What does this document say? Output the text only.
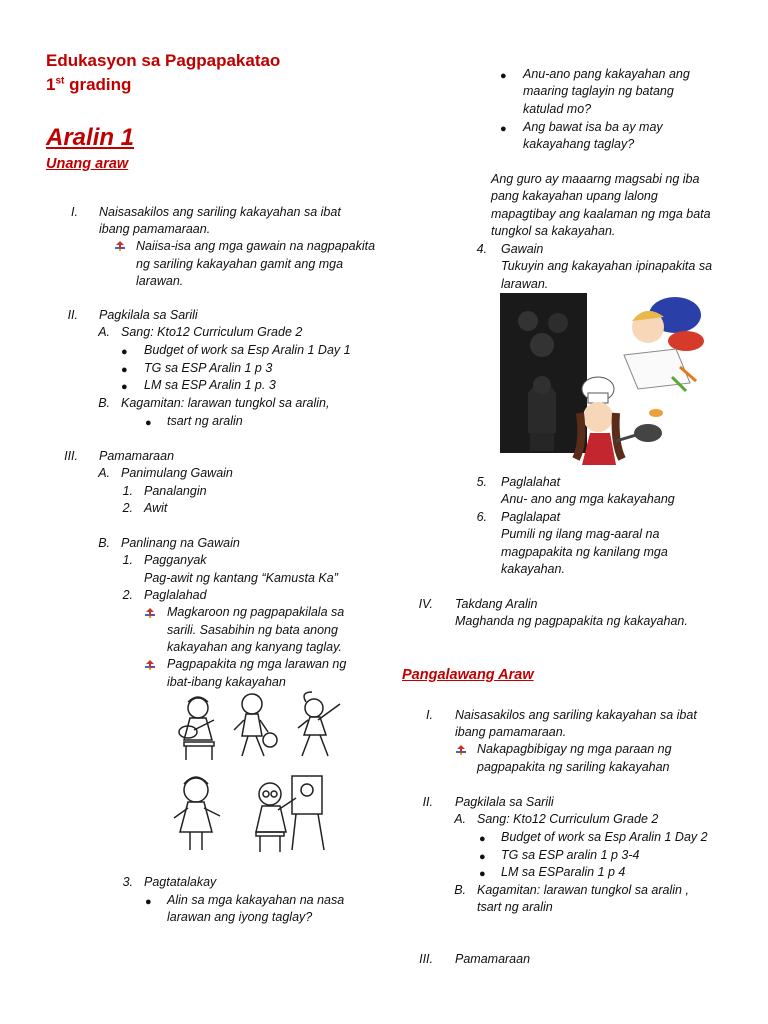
Edukasyon sa Pagpapakatao
1st grading
Aralin 1
Unang araw
I. Naisasakilos ang sariling kakayahan sa ibat
ibang pamamaraan.
Naiisa-isa ang mga gawain na nagpapakita
ng sariling kakayahan gamit ang mga
larawan.
II. Pagkilala sa Sarili
A. Sang: Kto12 Curriculum Grade 2
● Budget of work sa Esp Aralin 1 Day 1
● TG sa ESP Aralin 1 p 3
● LM sa ESP Aralin 1 p. 3
B. Kagamitan: larawan tungkol sa aralin,
● tsart ng aralin
III. Pamamaraan
A. Panimulang Gawain
1. Panalangin
2. Awit
B. Panlinang na Gawain
1. Pagganyak
Pag-awit ng kantang “Kamusta Ka”
2. Paglalahad
Magkaroon ng pagpapakilala sa
sarili. Sasabihin ng bata anong
kakayahan ang kanyang taglay.
Pagpapakita ng mga larawan ng
ibat-ibang kakayahan
3. Pagtatalakay
● Alin sa mga kakayahan na nasa
larawan ang iyong taglay?
● Anu-ano pang kakayahan ang
maaring taglayin ng batang
katulad mo?
● Ang bawat isa ba ay may
kakayahang taglay?
Ang guro ay maaarng magsabi ng iba
pang kakayahan upang lalong
mapagtibay ang kaalaman ng mga bata
tungkol sa kakayahan.
4. Gawain
Tukuyin ang kakayahan ipinapakita sa
larawan.
5. Paglalahat
Anu- ano ang mga kakayahang
6. Paglalapat
Pumili ng ilang mag-aaral na
magpapakita ng kanilang mga
kakayahan.
IV. Takdang Aralin
Maghanda ng pagpapakita ng kakayahan.
Pangalawang Araw
I. Naisasakilos ang sariling kakayahan sa ibat
ibang pamamaraan.
Nakapagbibigay ng mga paraan ng
pagpapakita ng sariling kakayahan
II. Pagkilala sa Sarili
A. Sang: Kto12 Curriculum Grade 2
● Budget of work sa Esp Aralin 1 Day 2
● TG sa ESP aralin 1 p 3-4
● LM sa ESParalin 1 p 4
B. Kagamitan: larawan tungkol sa aralin ,
tsart ng aralin
III. Pamamaraan
